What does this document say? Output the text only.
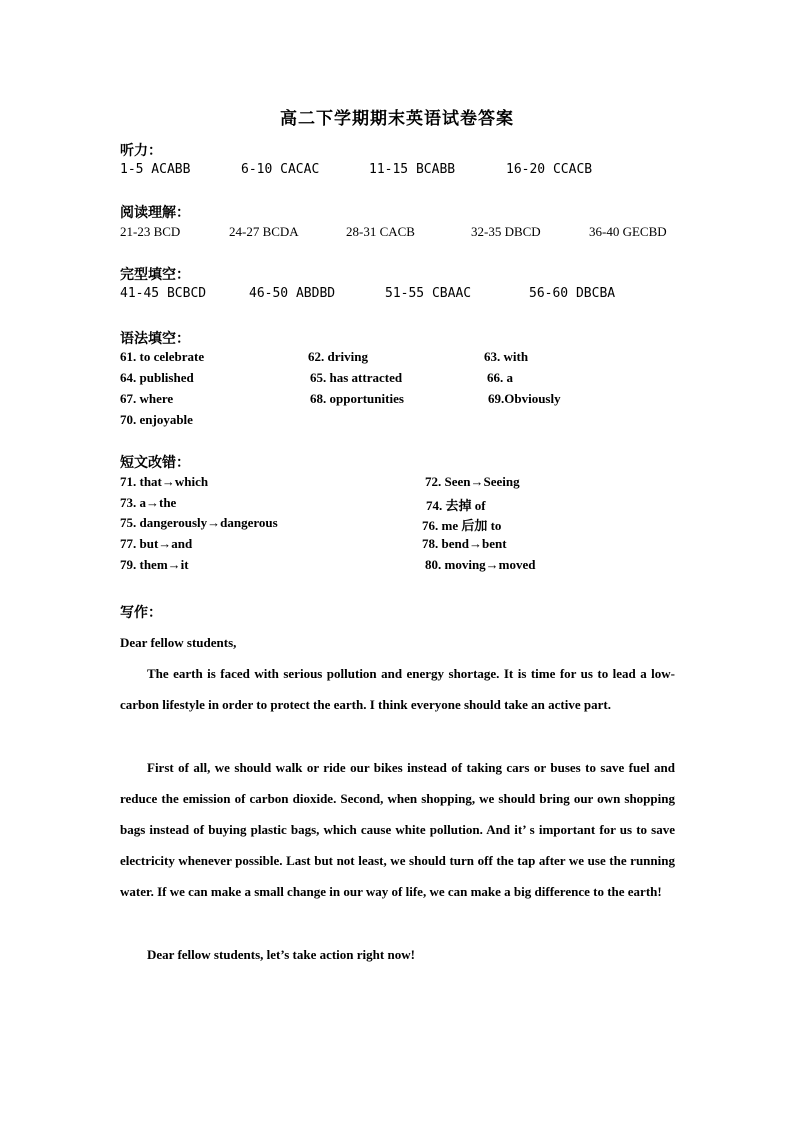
高二下学期期末英语试卷答案
听力：
1-5 ACABB	6-10 CACAC	11-15 BCABB	16-20 CCACB
阅读理解：
21-23 BCD	24-27 BCDA	28-31 CACB	32-35 DBCD	36-40 GECBD
完型填空：
41-45 BCBCD	46-50 ABDBD	51-55 CBAAC	56-60 DBCBA
语法填空：
61. to celebrate	62. driving	63. with
64. published	65. has attracted	66. a
67. where	68. opportunities	69.Obviously
70. enjoyable
短文改错：
71. that→which	72. Seen→Seeing
73. a→the	74. 去掉 of
75. dangerously→dangerous	76. me 后加 to
77. but→and	78. bend→bent
79. them→it	80. moving→moved
写作：
Dear fellow students,
The earth is faced with serious pollution and energy shortage. It is time for us to lead a low-carbon lifestyle in order to protect the earth. I think everyone should take an active part.
First of all, we should walk or ride our bikes instead of taking cars or buses to save fuel and reduce the emission of carbon dioxide. Second, when shopping, we should bring our own shopping bags instead of buying plastic bags, which cause white pollution. And it’ s important for us to save electricity whenever possible. Last but not least, we should turn off the tap after we use the running water. If we can make a small change in our way of life, we can make a big difference to the earth!
Dear fellow students, let’s take action right now!
